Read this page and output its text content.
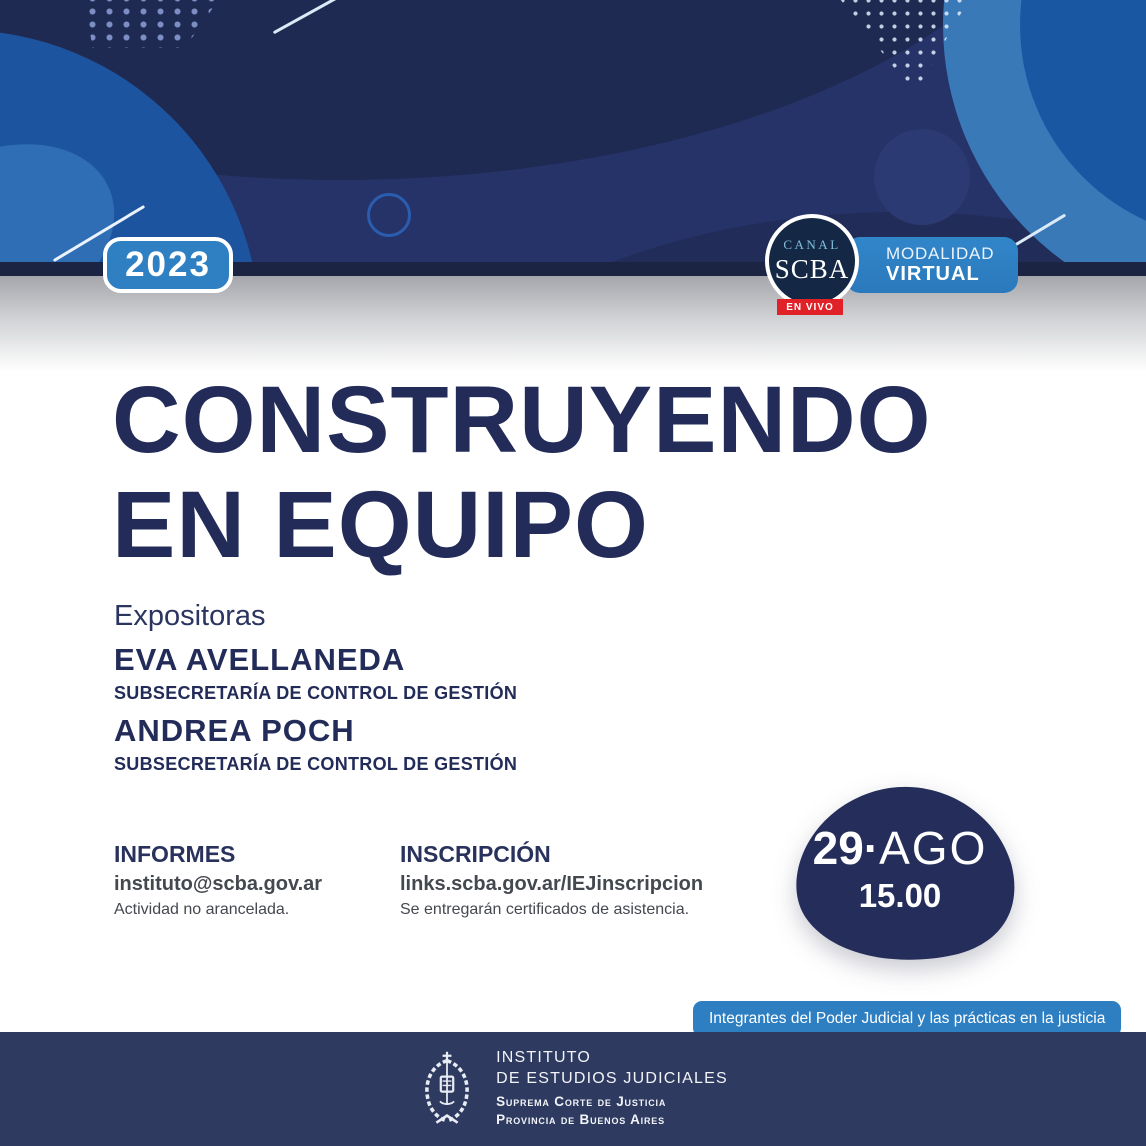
2023
CANAL
SCBA
EN VIVO
MODALIDAD
VIRTUAL
CONSTRUYENDO
EN EQUIPO
Expositoras
EVA AVELLANEDA
SUBSECRETARÍA DE CONTROL DE GESTIÓN
ANDREA POCH
SUBSECRETARÍA DE CONTROL DE GESTIÓN
INFORMES
instituto@scba.gov.ar
Actividad no arancelada.
INSCRIPCIÓN
links.scba.gov.ar/IEJinscripcion
Se entregarán certificados de asistencia.
29·AGO
15.00
Integrantes del Poder Judicial y las prácticas en la justicia
INSTITUTO
DE ESTUDIOS JUDICIALES
Suprema Corte de Justicia
Provincia de Buenos Aires
